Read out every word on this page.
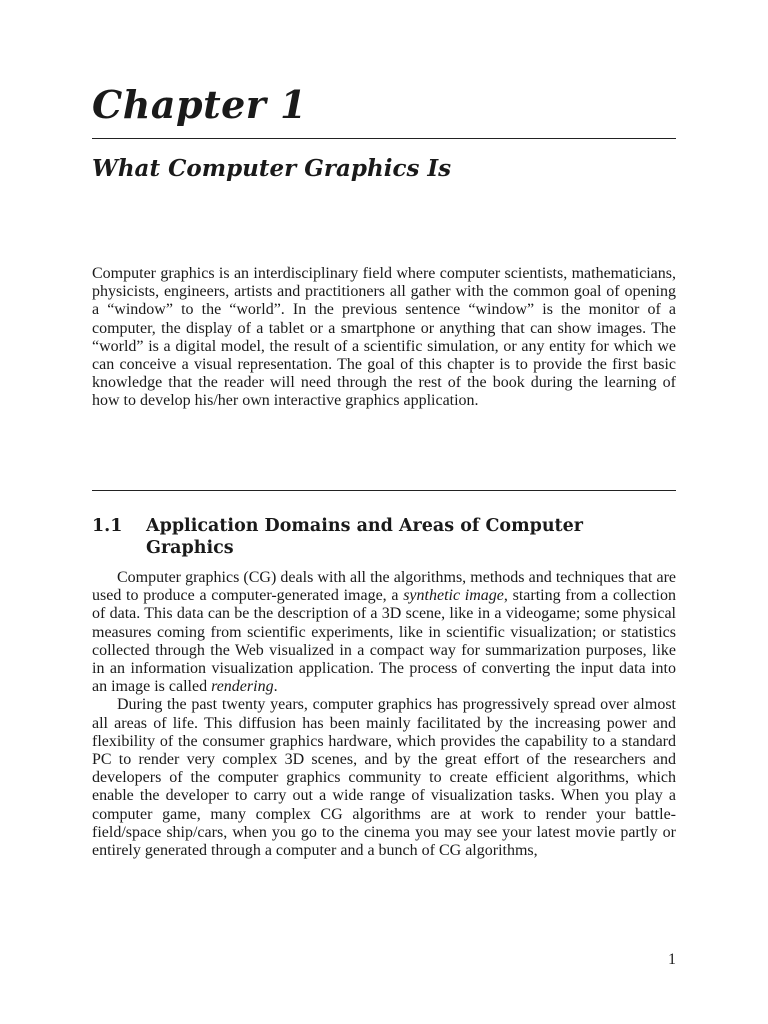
Chapter 1
What Computer Graphics Is

Computer graphics is an interdisciplinary field where computer scientists, mathematicians, physicists, engineers, artists and practitioners all gather with the common goal of opening a “window” to the “world”. In the previous sentence “window” is the monitor of a computer, the display of a tablet or a smartphone or anything that can show images. The “world” is a digital model, the result of a scientific simulation, or any entity for which we can conceive a visual representation. The goal of this chapter is to provide the first basic knowledge that the reader will need through the rest of the book during the learning of how to develop his/her own interactive graphics application.

1.1 Application Domains and Areas of Computer Graphics

Computer graphics (CG) deals with all the algorithms, methods and techniques that are used to produce a computer-generated image, a synthetic image, starting from a collection of data. This data can be the description of a 3D scene, like in a videogame; some physical measures coming from scientific experiments, like in scientific visualization; or statistics collected through the Web visualized in a compact way for summarization purposes, like in an information visualization application. The process of converting the input data into an image is called rendering.

During the past twenty years, computer graphics has progressively spread over almost all areas of life. This diffusion has been mainly facilitated by the increasing power and flexibility of the consumer graphics hardware, which provides the capability to a standard PC to render very complex 3D scenes, and by the great effort of the researchers and developers of the computer graphics community to create efficient algorithms, which enable the developer to carry out a wide range of visualization tasks. When you play a computer game, many complex CG algorithms are at work to render your battle-field/space ship/cars, when you go to the cinema you may see your latest movie partly or entirely generated through a computer and a bunch of CG algorithms,

1
